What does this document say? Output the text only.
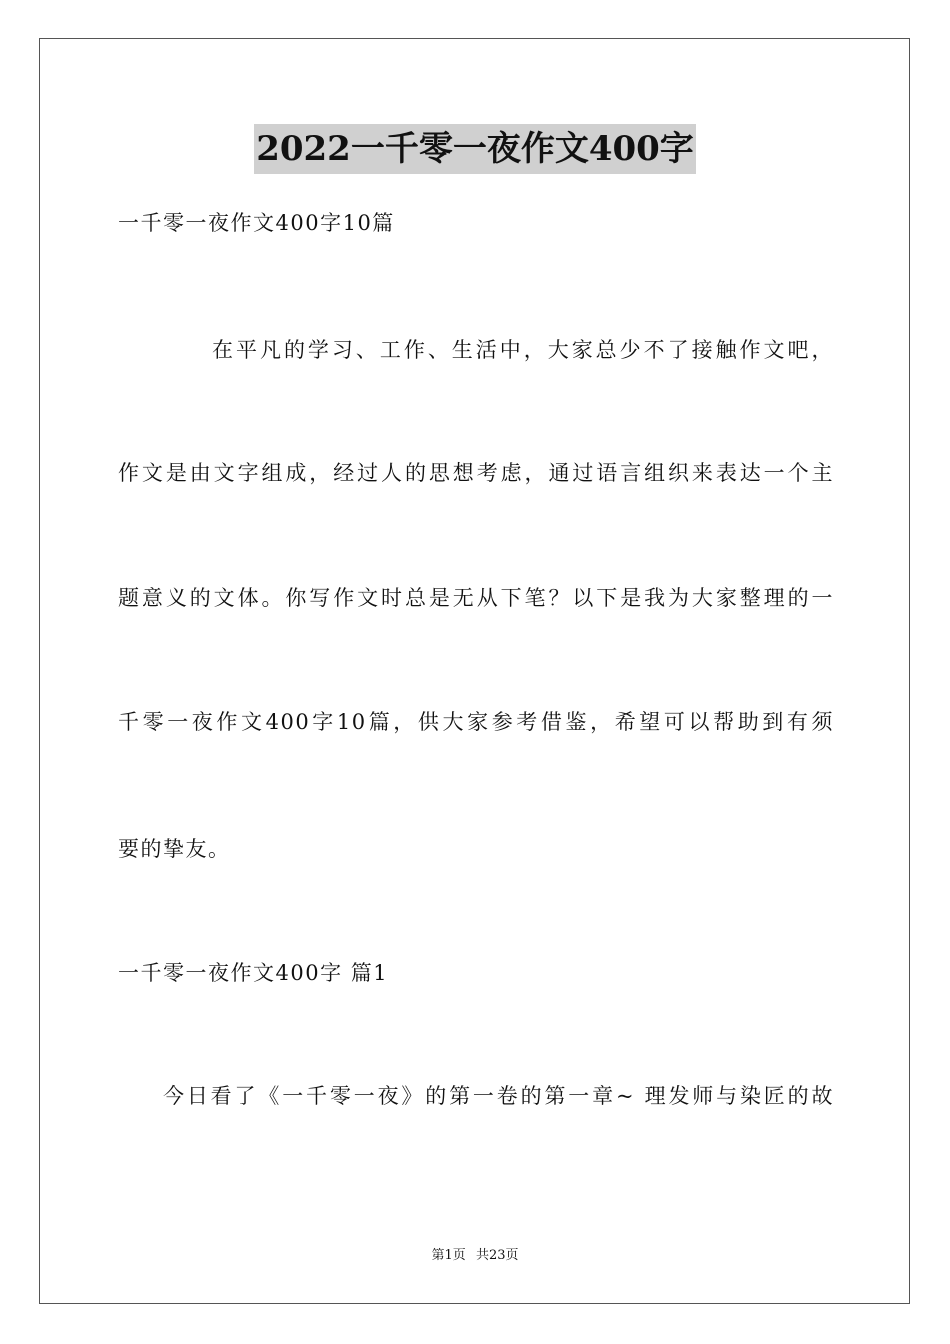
2022一千零一夜作文400字
一千零一夜作文400字10篇
在平凡的学习、工作、生活中，大家总少不了接触作文吧，
作文是由文字组成，经过人的思想考虑，通过语言组织来表达一个主
题意义的文体。你写作文时总是无从下笔？以下是我为大家整理的一
千零一夜作文400字10篇，供大家参考借鉴，希望可以帮助到有须
要的挚友。
一千零一夜作文400字 篇1
今日看了《一千零一夜》的第一卷的第一章~ 理发师与染匠的故
第1页 共23页
